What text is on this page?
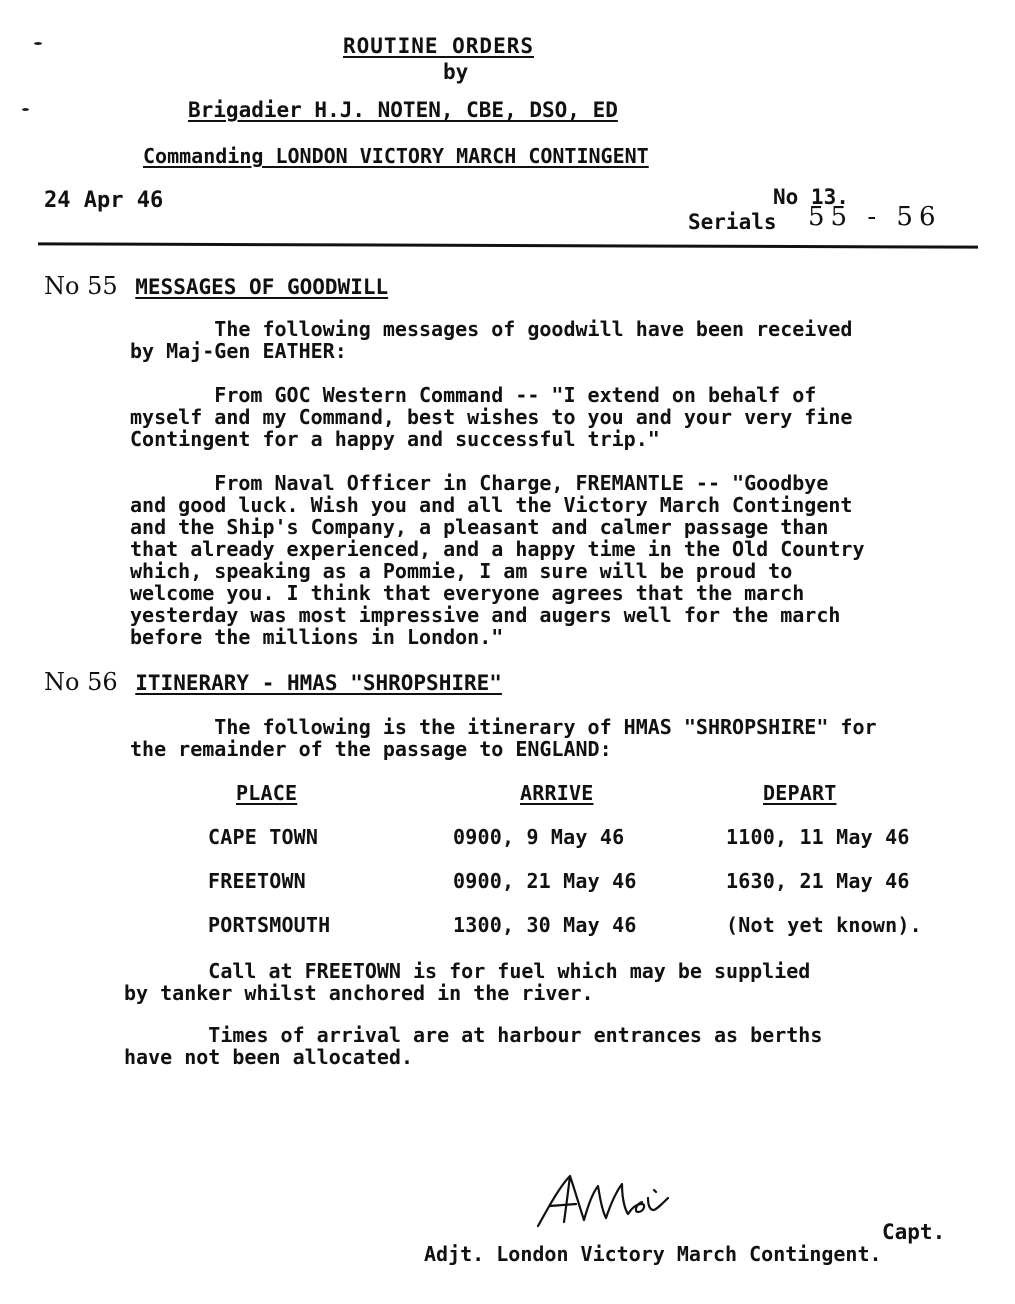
ROUTINE ORDERS
by
Brigadier H.J. NOTEN, CBE, DSO, ED
Commanding LONDON VICTORY MARCH CONTINGENT
24 Apr 46	No 13.
Serials 55 - 56
No 55 MESSAGES OF GOODWILL
The following messages of goodwill have been received
by Maj-Gen EATHER:
From GOC Western Command -- "I extend on behalf of
myself and my Command, best wishes to you and your very fine
Contingent for a happy and successful trip."
From Naval Officer in Charge, FREMANTLE -- "Goodbye
and good luck. Wish you and all the Victory March Contingent
and the Ship's Company, a pleasant and calmer passage than
that already experienced, and a happy time in the Old Country
which, speaking as a Pommie, I am sure will be proud to
welcome you. I think that everyone agrees that the march
yesterday was most impressive and augers well for the march
before the millions in London."
No 56 ITINERARY - HMAS "SHROPSHIRE"
The following is the itinerary of HMAS "SHROPSHIRE" for
the remainder of the passage to ENGLAND:
PLACE	ARRIVE	DEPART
CAPE TOWN	0900, 9 May 46	1100, 11 May 46
FREETOWN	0900, 21 May 46	1630, 21 May 46
PORTSMOUTH	1300, 30 May 46	(Not yet known).
Call at FREETOWN is for fuel which may be supplied
by tanker whilst anchored in the river.
Times of arrival are at harbour entrances as berths
have not been allocated.
Capt.
Adjt. London Victory March Contingent.
